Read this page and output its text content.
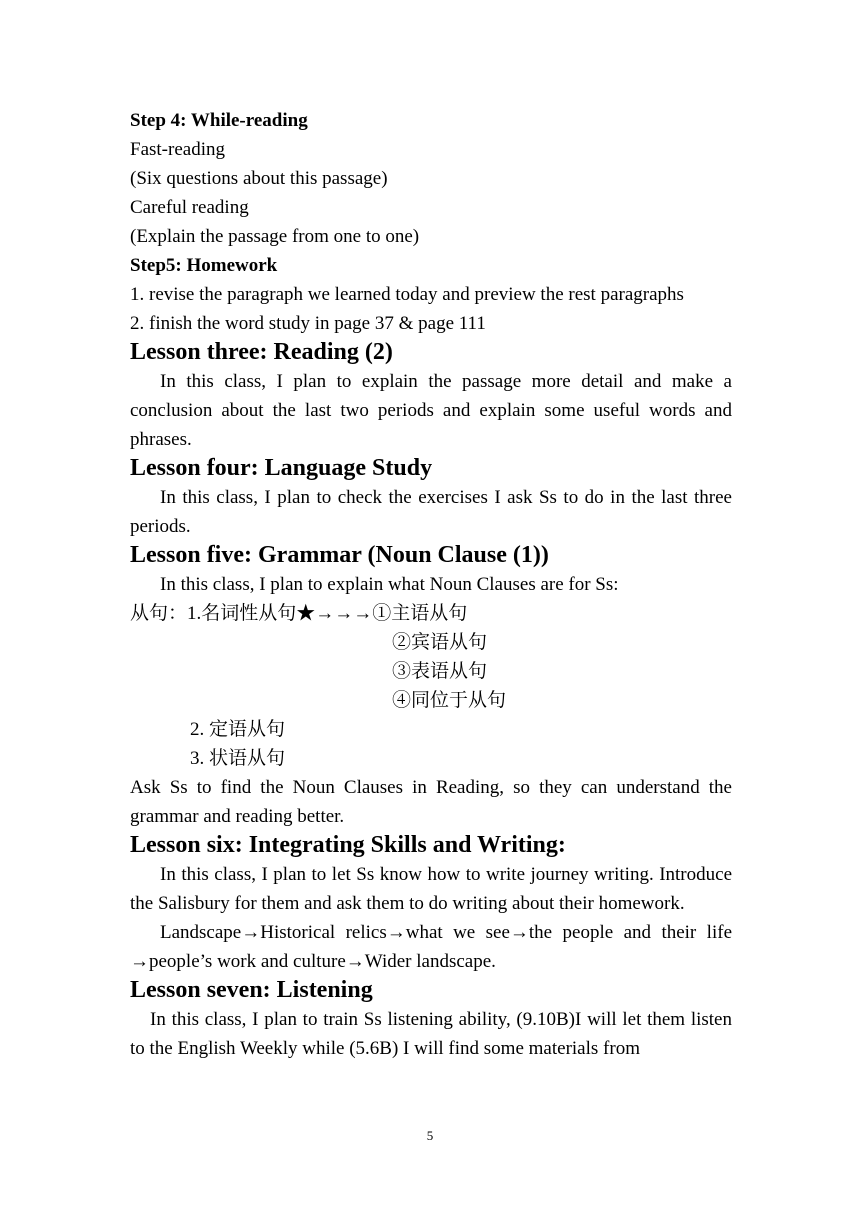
Step 4: While-reading
Fast-reading
(Six questions about this passage)
Careful reading
(Explain the passage from one to one)
Step5: Homework
1. revise the paragraph we learned today and preview the rest paragraphs
2. finish the word study in page 37 & page 111
Lesson three: Reading (2)
In this class, I plan to explain the passage more detail and make a conclusion about the last two periods and explain some useful words and phrases.
Lesson four: Language Study
In this class, I plan to check the exercises I ask Ss to do in the last three periods.
Lesson five: Grammar (Noun Clause (1))
In this class, I plan to explain what Noun Clauses are for Ss:
从句：1.名词性从句★→→→①主语从句
②宾语从句
③表语从句
④同位于从句
2. 定语从句
3. 状语从句
Ask Ss to find the Noun Clauses in Reading, so they can understand the grammar and reading better.
Lesson six: Integrating Skills and Writing:
In this class, I plan to let Ss know how to write journey writing. Introduce the Salisbury for them and ask them to do writing about their homework.
Landscape→Historical relics→what we see→the people and their life →people’s work and culture→Wider landscape.
Lesson seven: Listening
In this class, I plan to train Ss listening ability, (9.10B)I will let them listen to the English Weekly while (5.6B) I will find some materials from
5
